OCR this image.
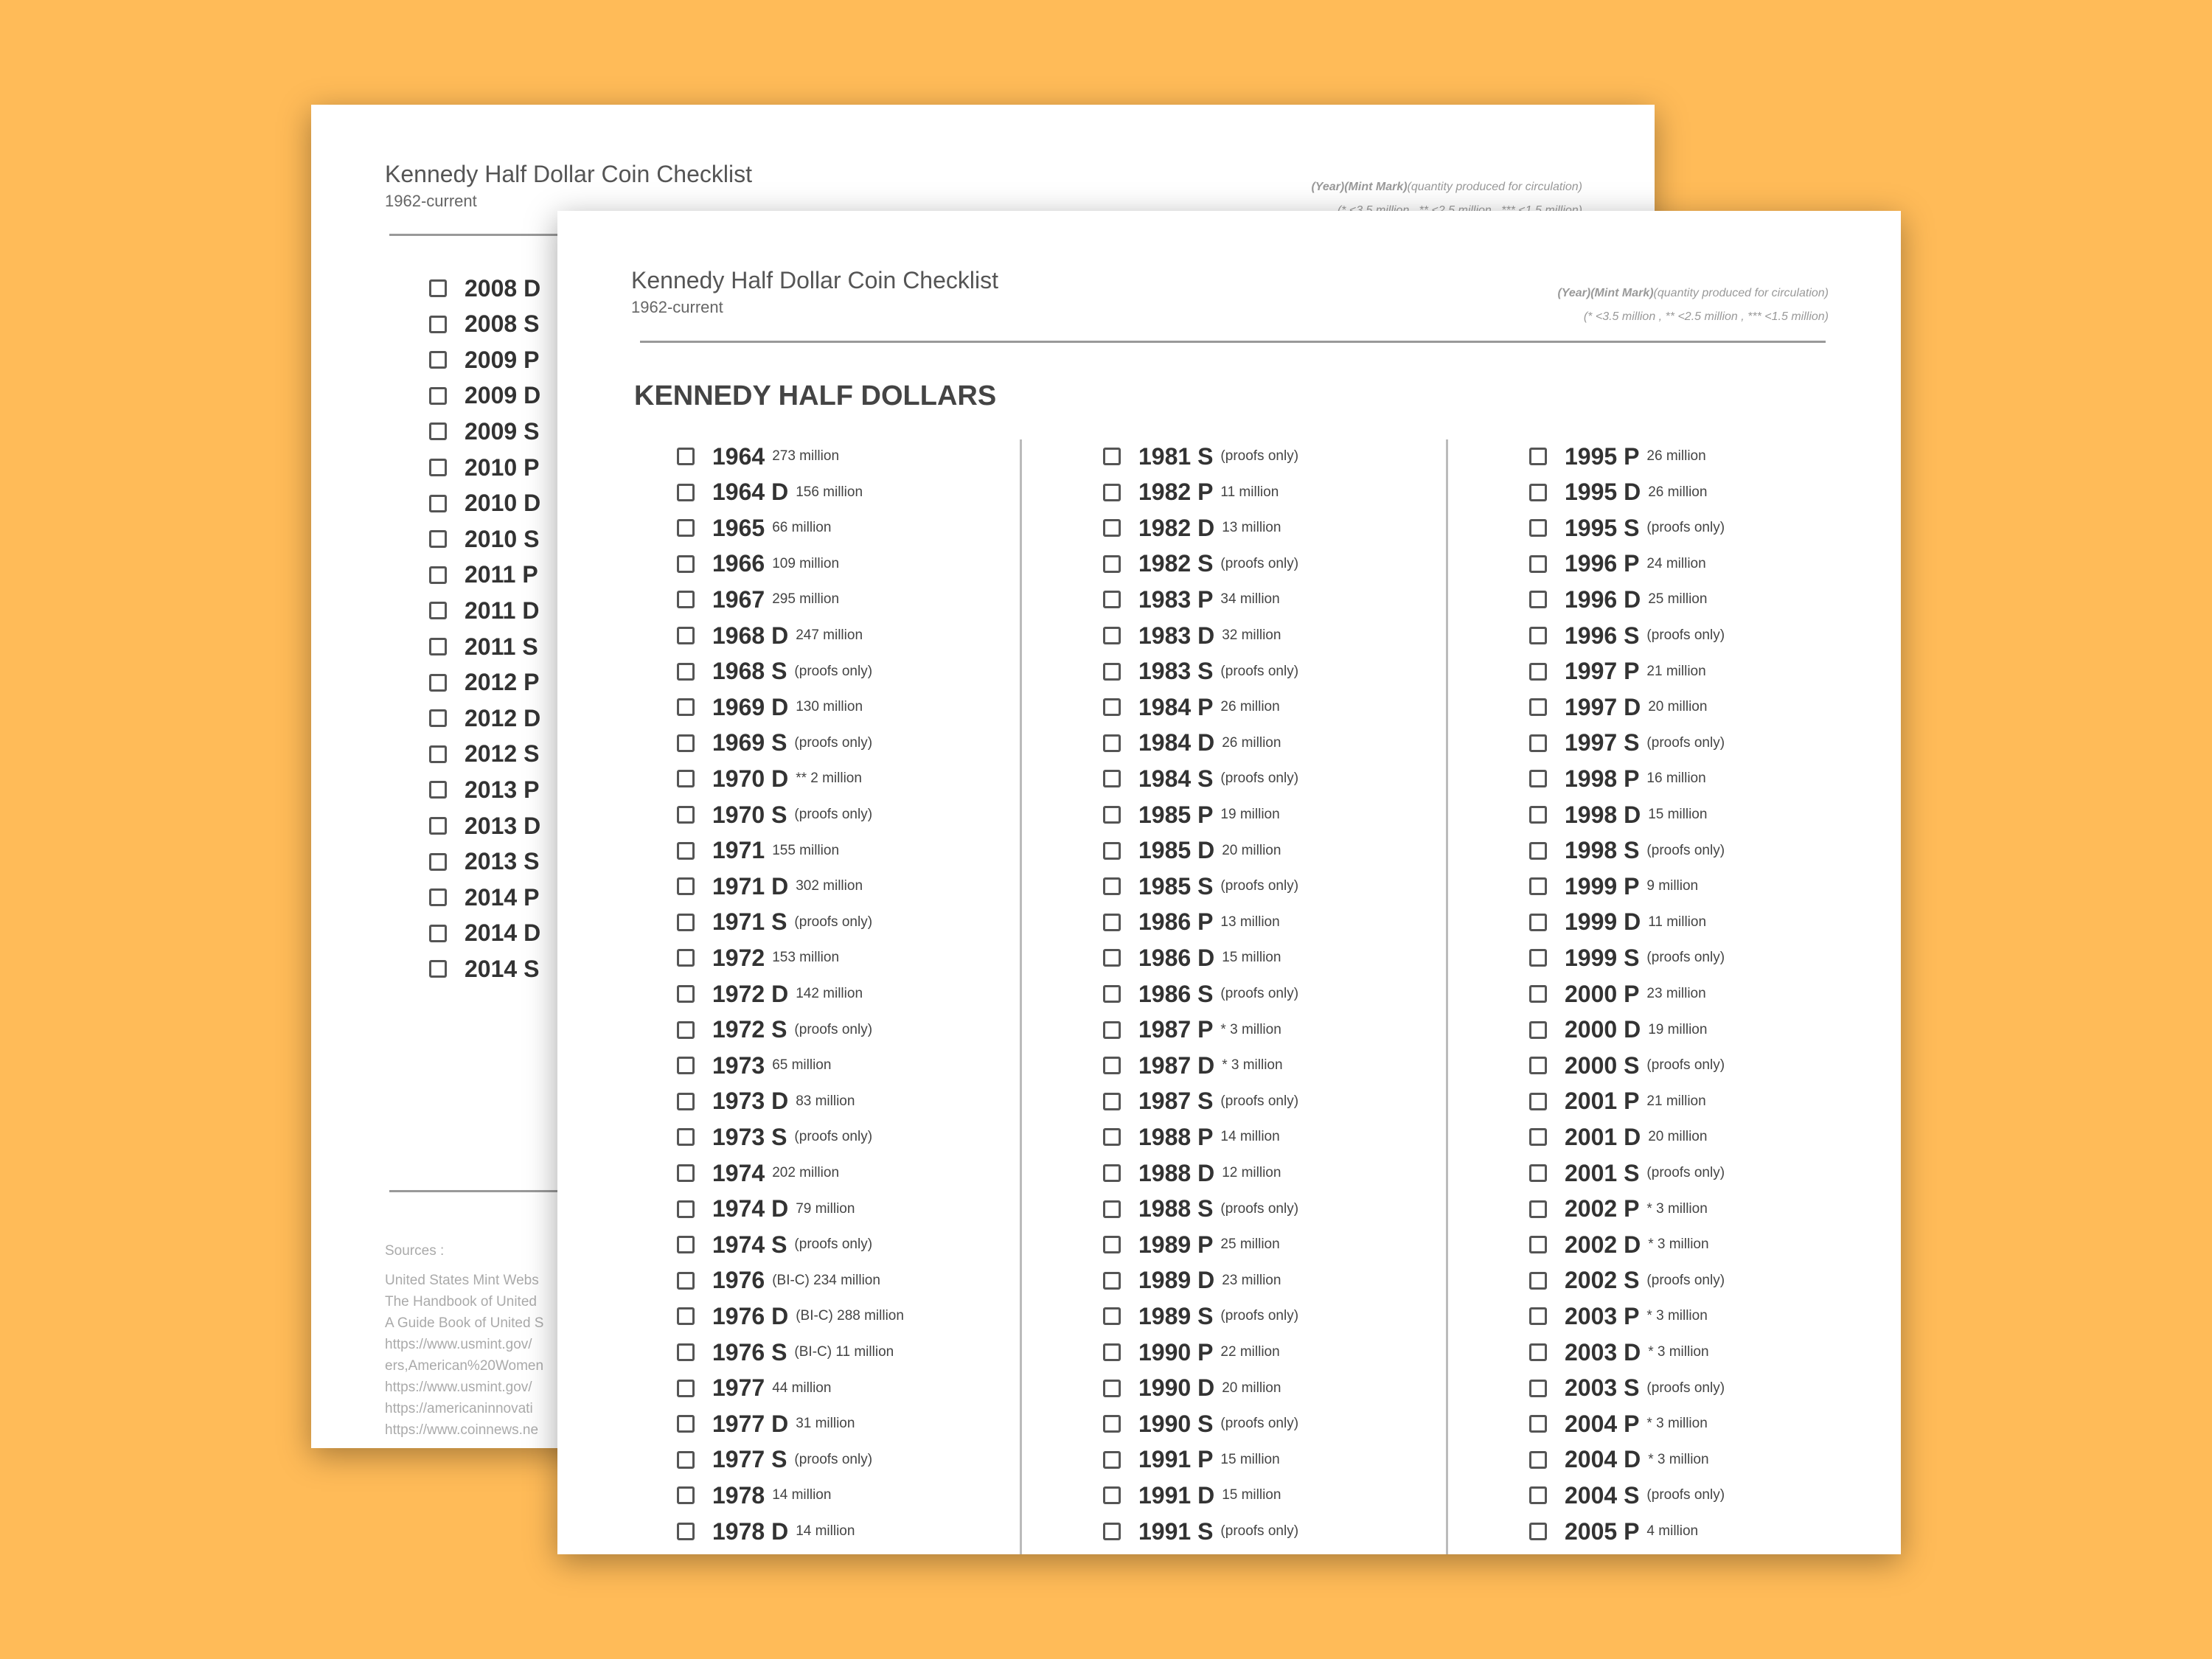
Kennedy Half Dollar Coin Checklist
1962-current
(Year)(Mint Mark)(quantity produced for circulation)
2008 D
2008 S
2009 P
2009 D
2009 S
2010 P
2010 D
2010 S
2011 P
2011 D
2011 S
2012 P
2012 D
2012 S
2013 P
2013 D
2013 S
2014 P
2014 D
2014 S
Sources :
United States Mint Webs
The Handbook of United
A Guide Book of United S
https://www.usmint.gov/
ers,American%20Women
https://www.usmint.gov/
https://americaninnovati
https://www.coinnews.ne
Kennedy Half Dollar Coin Checklist
1962-current
(Year)(Mint Mark)(quantity produced for circulation)
(* <3.5 million , ** <2.5 million , *** <1.5 million)
KENNEDY HALF DOLLARS
1964 273 million
1964 D 156 million
1965 66 million
1966 109 million
1967 295 million
1968 D 247 million
1968 S (proofs only)
1969 D 130 million
1969 S (proofs only)
1970 D ** 2 million
1970 S (proofs only)
1971 155 million
1971 D 302 million
1971 S (proofs only)
1972 153 million
1972 D 142 million
1972 S (proofs only)
1973 65 million
1973 D 83 million
1973 S (proofs only)
1974 202 million
1974 D 79 million
1974 S (proofs only)
1976 (BI-C) 234 million
1976 D (BI-C) 288 million
1976 S (BI-C) 11 million
1977 44 million
1977 D 31 million
1977 S (proofs only)
1978 14 million
1978 D 14 million
1981 S (proofs only)
1982 P 11 million
1982 D 13 million
1982 S (proofs only)
1983 P 34 million
1983 D 32 million
1983 S (proofs only)
1984 P 26 million
1984 D 26 million
1984 S (proofs only)
1985 P 19 million
1985 D 20 million
1985 S (proofs only)
1986 P 13 million
1986 D 15 million
1986 S (proofs only)
1987 P * 3 million
1987 D * 3 million
1987 S (proofs only)
1988 P 14 million
1988 D 12 million
1988 S (proofs only)
1989 P 25 million
1989 D 23 million
1989 S (proofs only)
1990 P 22 million
1990 D 20 million
1990 S (proofs only)
1991 P 15 million
1991 D 15 million
1991 S (proofs only)
1995 P 26 million
1995 D 26 million
1995 S (proofs only)
1996 P 24 million
1996 D 25 million
1996 S (proofs only)
1997 P 21 million
1997 D 20 million
1997 S (proofs only)
1998 P 16 million
1998 D 15 million
1998 S (proofs only)
1999 P 9 million
1999 D 11 million
1999 S (proofs only)
2000 P 23 million
2000 D 19 million
2000 S (proofs only)
2001 P 21 million
2001 D 20 million
2001 S (proofs only)
2002 P * 3 million
2002 D * 3 million
2002 S (proofs only)
2003 P * 3 million
2003 D * 3 million
2003 S (proofs only)
2004 P * 3 million
2004 D * 3 million
2004 S (proofs only)
2005 P 4 million
